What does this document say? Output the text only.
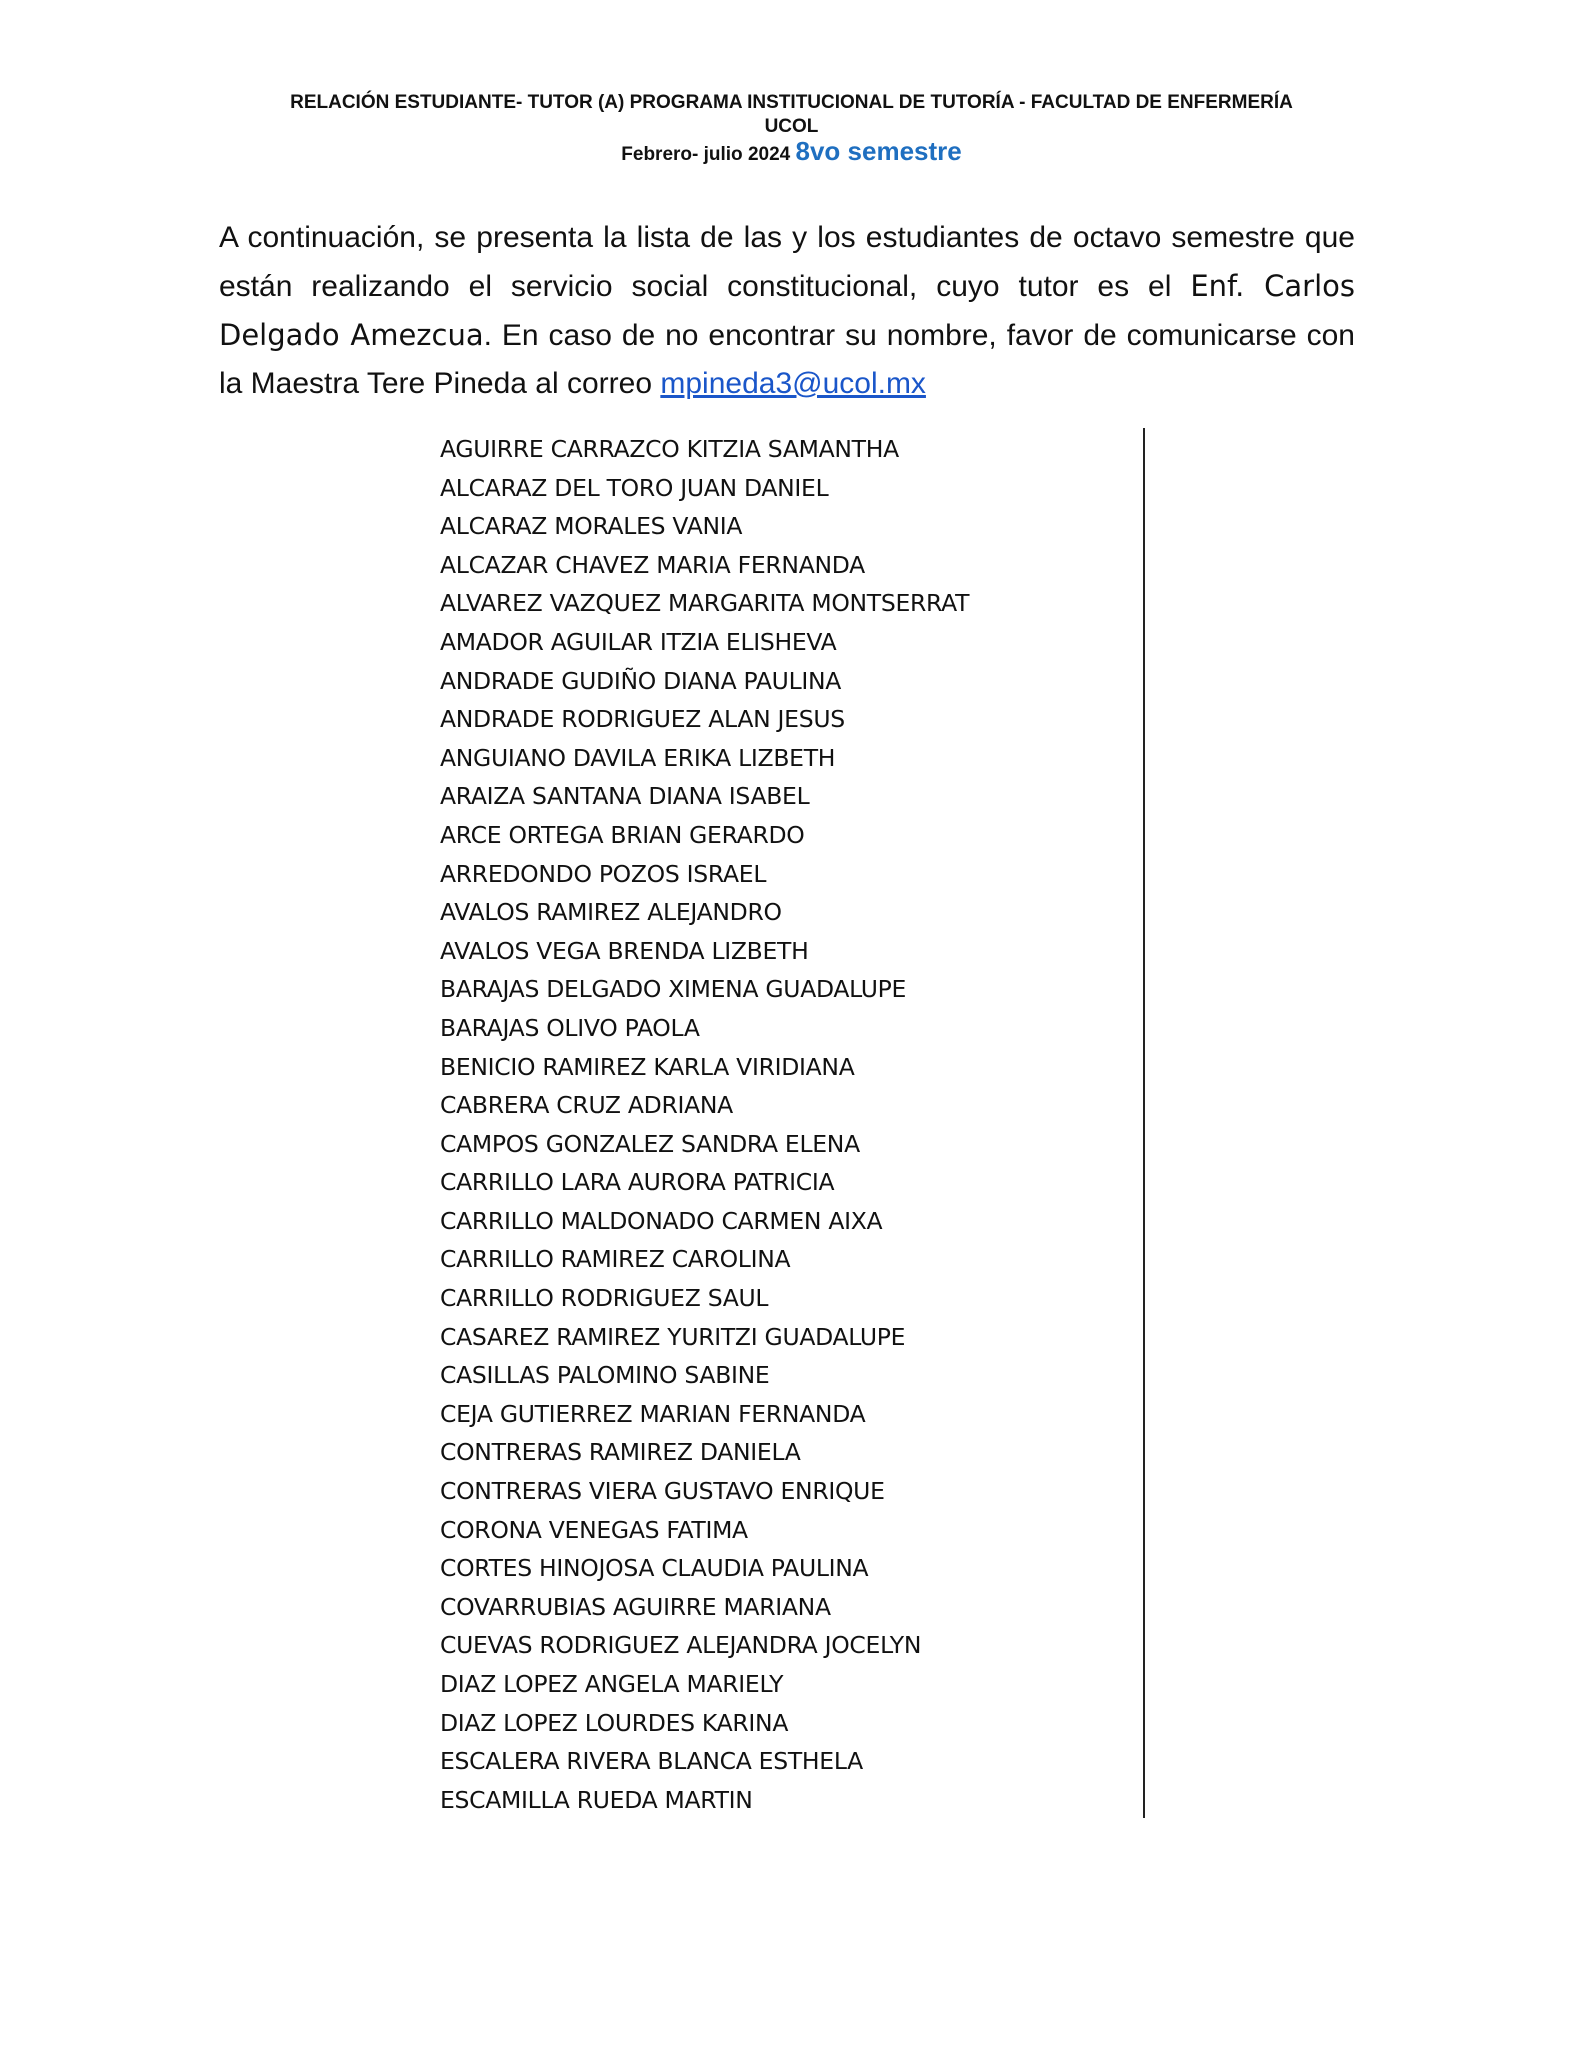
RELACIÓN ESTUDIANTE- TUTOR (A) PROGRAMA INSTITUCIONAL DE TUTORÍA - FACULTAD DE ENFERMERÍA
UCOL
Febrero- julio 2024 8vo semestre

A continuación, se presenta la lista de las y los estudiantes de octavo semestre que están realizando el servicio social constitucional, cuyo tutor es el Enf. Carlos Delgado Amezcua. En caso de no encontrar su nombre, favor de comunicarse con la Maestra Tere Pineda al correo mpineda3@ucol.mx

AGUIRRE CARRAZCO KITZIA SAMANTHA
ALCARAZ DEL TORO JUAN DANIEL
ALCARAZ MORALES VANIA
ALCAZAR CHAVEZ MARIA FERNANDA
ALVAREZ VAZQUEZ MARGARITA MONTSERRAT
AMADOR AGUILAR ITZIA ELISHEVA
ANDRADE GUDIÑO DIANA PAULINA
ANDRADE RODRIGUEZ ALAN JESUS
ANGUIANO DAVILA ERIKA LIZBETH
ARAIZA SANTANA DIANA ISABEL
ARCE ORTEGA BRIAN GERARDO
ARREDONDO POZOS ISRAEL
AVALOS RAMIREZ ALEJANDRO
AVALOS VEGA BRENDA LIZBETH
BARAJAS DELGADO XIMENA GUADALUPE
BARAJAS OLIVO PAOLA
BENICIO RAMIREZ KARLA VIRIDIANA
CABRERA CRUZ ADRIANA
CAMPOS GONZALEZ SANDRA ELENA
CARRILLO LARA AURORA PATRICIA
CARRILLO MALDONADO CARMEN AIXA
CARRILLO RAMIREZ CAROLINA
CARRILLO RODRIGUEZ SAUL
CASAREZ RAMIREZ YURITZI GUADALUPE
CASILLAS PALOMINO SABINE
CEJA GUTIERREZ MARIAN FERNANDA
CONTRERAS RAMIREZ DANIELA
CONTRERAS VIERA GUSTAVO ENRIQUE
CORONA VENEGAS FATIMA
CORTES HINOJOSA CLAUDIA PAULINA
COVARRUBIAS AGUIRRE MARIANA
CUEVAS RODRIGUEZ ALEJANDRA JOCELYN
DIAZ LOPEZ ANGELA MARIELY
DIAZ LOPEZ LOURDES KARINA
ESCALERA RIVERA BLANCA ESTHELA
ESCAMILLA RUEDA MARTIN
